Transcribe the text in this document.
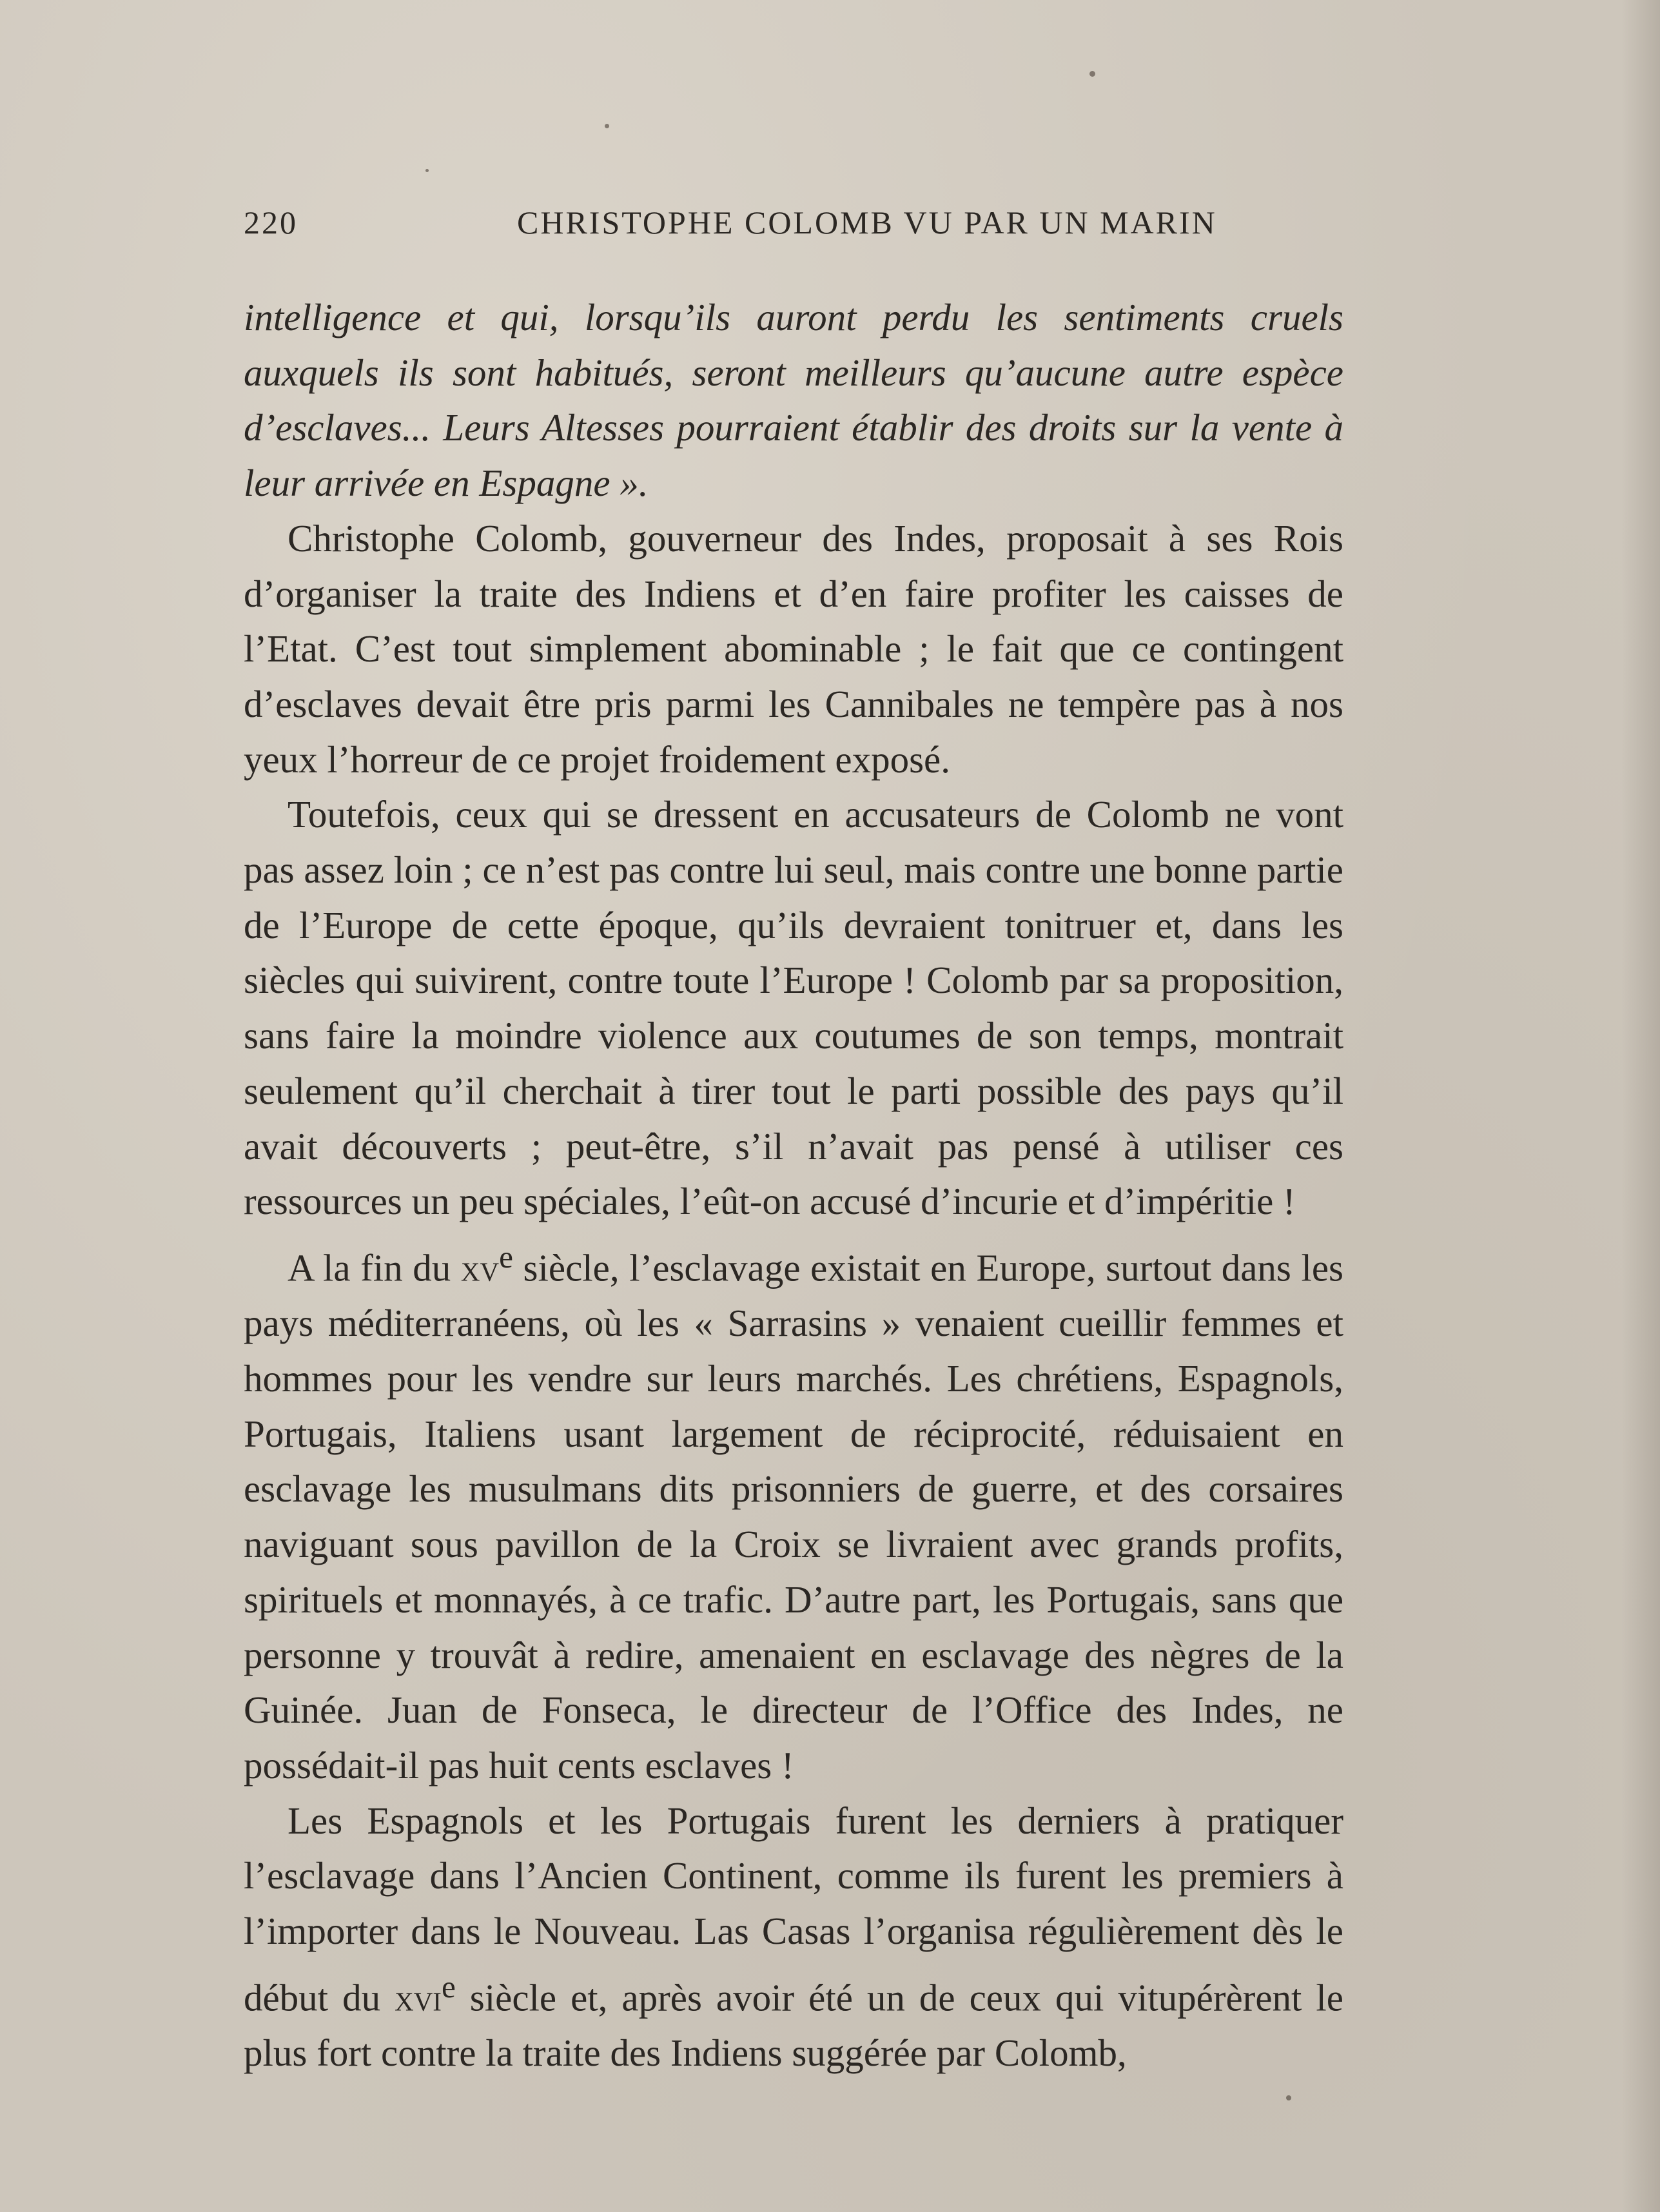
220	CHRISTOPHE COLOMB VU PAR UN MARIN

intelligence et qui, lorsqu’ils auront perdu les sentiments cruels auxquels ils sont habitués, seront meilleurs qu’aucune autre espèce d’esclaves... Leurs Altesses pourraient établir des droits sur la vente à leur arrivée en Espagne ».

Christophe Colomb, gouverneur des Indes, proposait à ses Rois d’organiser la traite des Indiens et d’en faire profiter les caisses de l’Etat. C’est tout simplement abominable ; le fait que ce contingent d’esclaves devait être pris parmi les Cannibales ne tempère pas à nos yeux l’horreur de ce projet froidement exposé.

Toutefois, ceux qui se dressent en accusateurs de Colomb ne vont pas assez loin ; ce n’est pas contre lui seul, mais contre une bonne partie de l’Europe de cette époque, qu’ils devraient tonitruer et, dans les siècles qui suivirent, contre toute l’Europe ! Colomb par sa proposition, sans faire la moindre violence aux coutumes de son temps, montrait seulement qu’il cherchait à tirer tout le parti possible des pays qu’il avait découverts ; peut-être, s’il n’avait pas pensé à utiliser ces ressources un peu spéciales, l’eût-on accusé d’incurie et d’impéritie !

A la fin du $xv^e$ siècle, l’esclavage existait en Europe, surtout dans les pays méditerranéens, où les « Sarrasins » venaient cueillir femmes et hommes pour les vendre sur leurs marchés. Les chrétiens, Espagnols, Portugais, Italiens usant largement de réciprocité, réduisaient en esclavage les musulmans dits prisonniers de guerre, et des corsaires naviguant sous pavillon de la Croix se livraient avec grands profits, spirituels et monnayés, à ce trafic. D’autre part, les Portugais, sans que personne y trouvât à redire, amenaient en esclavage des nègres de la Guinée. Juan de Fonseca, le directeur de l’Office des Indes, ne possédait-il pas huit cents esclaves !

Les Espagnols et les Portugais furent les derniers à pratiquer l’esclavage dans l’Ancien Continent, comme ils furent les premiers à l’importer dans le Nouveau. Las Casas l’organisa régulièrement dès le début du xvi$^e$ siècle et, après avoir été un de ceux qui vitupérèrent le plus fort contre la traite des Indiens suggérée par Colomb,
